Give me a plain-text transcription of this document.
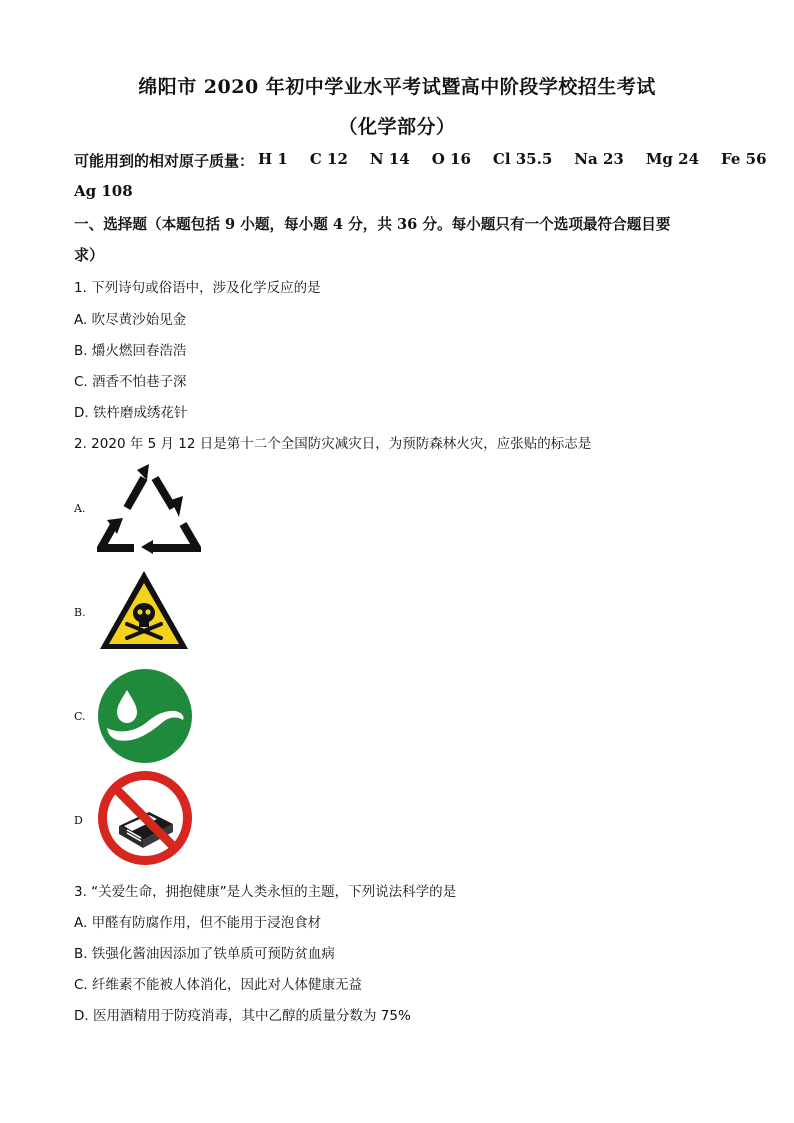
绵阳市 2020 年初中学业水平考试暨高中阶段学校招生考试
（化学部分）
可能用到的相对原子质量： H 1 C 12 N 14 O 16 Cl 35.5 Na 23 Mg 24 Fe 56
Ag 108
一、选择题（本题包括 9 小题，每小题 4 分，共 36 分。每小题只有一个选项最符合题目要
求）
1. 下列诗句或俗语中，涉及化学反应的是
A. 吹尽黄沙始见金
B. 爝火燃回春浩浩
C. 酒香不怕巷子深
D. 铁杵磨成绣花针
2. 2020 年 5 月 12 日是第十二个全国防灾减灾日，为预防森林火灾，应张贴的标志是
A.
B.
C.
D
3. “关爱生命，拥抱健康”是人类永恒的主题，下列说法科学的是
A. 甲醛有防腐作用，但不能用于浸泡食材
B. 铁强化酱油因添加了铁单质可预防贫血病
C. 纤维素不能被人体消化，因此对人体健康无益
D. 医用酒精用于防疫消毒，其中乙醇的质量分数为 75%
